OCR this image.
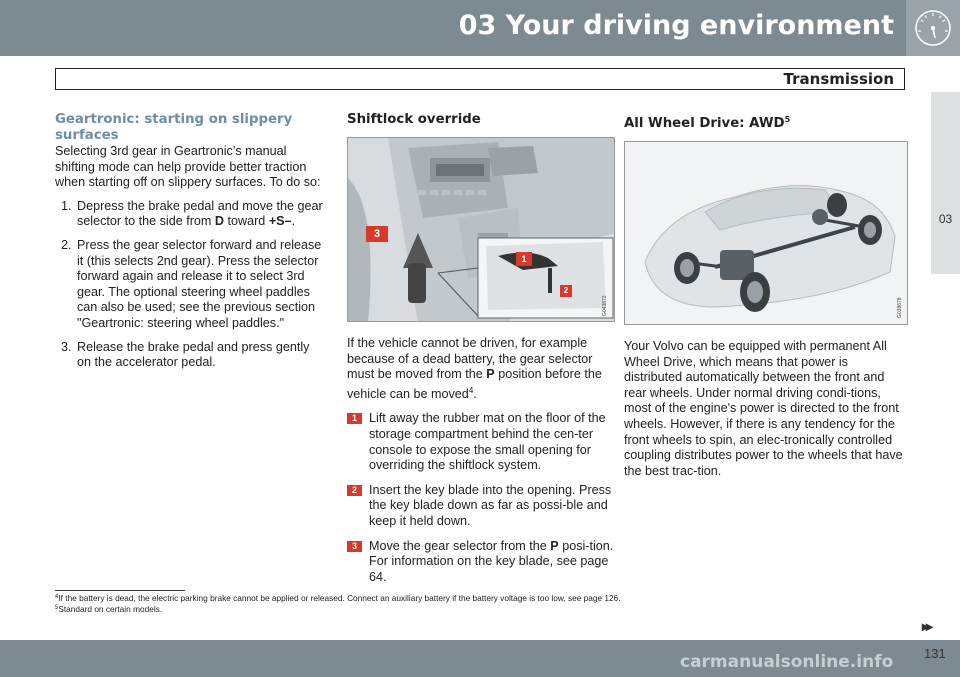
03 Your driving environment
Transmission
03
Geartronic: starting on slippery surfaces
Selecting 3rd gear in Geartronic’s manual shifting mode can help provide better traction when starting off on slippery surfaces. To do so:
1. Depress the brake pedal and move the gear selector to the side from D toward +S–.
2. Press the gear selector forward and release it (this selects 2nd gear). Press the selector forward again and release it to select 3rd gear. The optional steering wheel paddles can also be used; see the previous section "Geartronic: steering wheel paddles."
3. Release the brake pedal and press gently on the accelerator pedal.
Shiftlock override
3
1
2
G043872
If the vehicle cannot be driven, for example because of a dead battery, the gear selector must be moved from the P position before the vehicle can be moved$^4$.
1 Lift away the rubber mat on the floor of the storage compartment behind the cen-ter console to expose the small opening for overriding the shiftlock system.
2 Insert the key blade into the opening. Press the key blade down as far as possi-ble and keep it held down.
3 Move the gear selector from the P posi-tion. For information on the key blade, see page 64.
All Wheel Drive: AWD$^5$
G038678
Your Volvo can be equipped with permanent All Wheel Drive, which means that power is distributed automatically between the front and rear wheels. Under normal driving condi-tions, most of the engine's power is directed to the front wheels. However, if there is any tendency for the front wheels to spin, an elec-tronically controlled coupling distributes power to the wheels that have the best trac-tion.
$^4$If the battery is dead, the electric parking brake cannot be applied or released. Connect an auxiliary battery if the battery voltage is too low, see page 126.
$^5$Standard on certain models.
▸▸
carmanualsonline.info 131
